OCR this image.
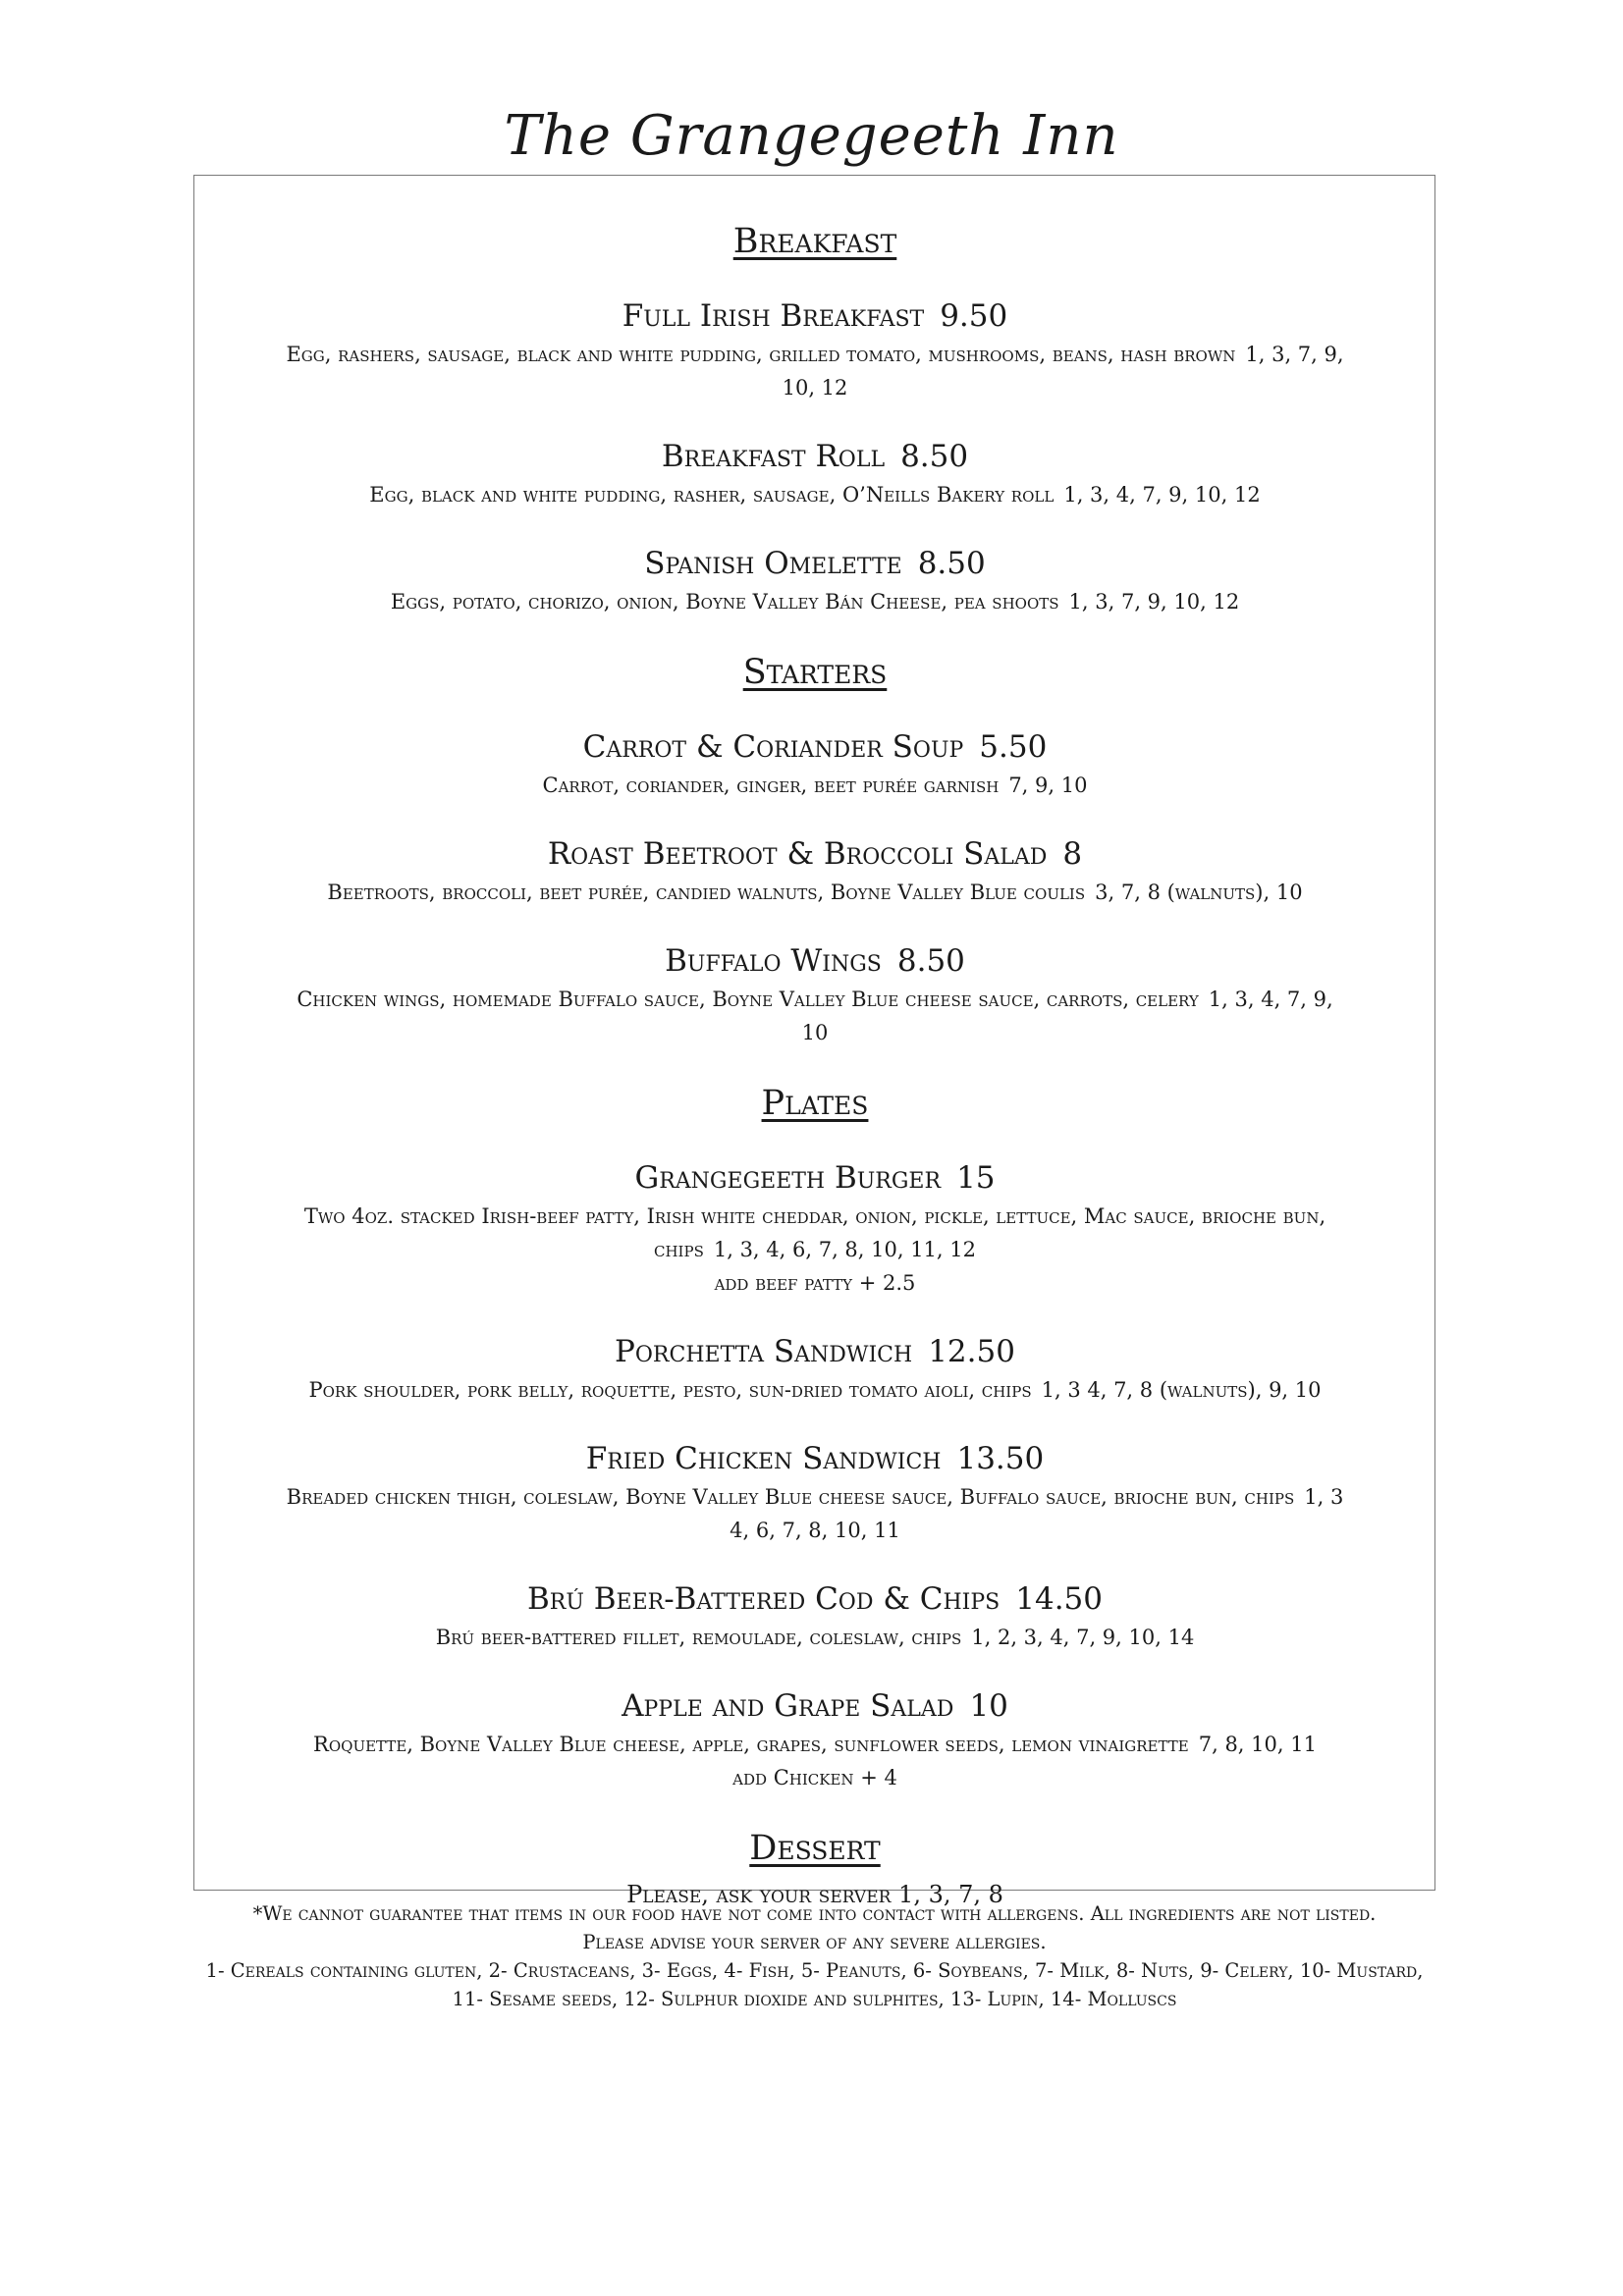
The Grangegeeth Inn
Breakfast
Full Irish Breakfast 9.50
Egg, rashers, sausage, black and white pudding, grilled tomato, mushrooms, beans, hash brown 1, 3, 7, 9, 10, 12
Breakfast Roll 8.50
Egg, black and white pudding, rasher, sausage, O’Neills Bakery roll 1, 3, 4, 7, 9, 10, 12
Spanish Omelette 8.50
Eggs, potato, chorizo, onion, Boyne Valley Bán Cheese, pea shoots 1, 3, 7, 9, 10, 12
Starters
Carrot & Coriander Soup 5.50
Carrot, coriander, ginger, beet purée garnish 7, 9, 10
Roast Beetroot & Broccoli Salad 8
Beetroots, broccoli, beet purée, candied walnuts, Boyne Valley Blue coulis 3, 7, 8 (walnuts), 10
Buffalo Wings 8.50
Chicken wings, homemade Buffalo sauce, Boyne Valley Blue cheese sauce, carrots, celery 1, 3, 4, 7, 9, 10
Plates
Grangegeeth Burger 15
Two 4oz. stacked Irish-beef patty, Irish white cheddar, onion, pickle, lettuce, Mac sauce, brioche bun, chips 1, 3, 4, 6, 7, 8, 10, 11, 12
add beef patty + 2.5
Porchetta Sandwich 12.50
Pork shoulder, pork belly, roquette, pesto, sun-dried tomato aioli, chips 1, 3 4, 7, 8 (walnuts), 9, 10
Fried Chicken Sandwich 13.50
Breaded chicken thigh, coleslaw, Boyne Valley Blue cheese sauce, Buffalo sauce, brioche bun, chips 1, 3 4, 6, 7, 8, 10, 11
Brú Beer-Battered Cod & Chips 14.50
Brú beer-battered fillet, remoulade, coleslaw, chips 1, 2, 3, 4, 7, 9, 10, 14
Apple and Grape Salad 10
Roquette, Boyne Valley Blue cheese, apple, grapes, sunflower seeds, lemon vinaigrette 7, 8, 10, 11
add Chicken + 4
Dessert
Please, ask your server 1, 3, 7, 8
*We cannot guarantee that items in our food have not come into contact with allergens. All ingredients are not listed.
Please advise your server of any severe allergies.
1- Cereals containing gluten, 2- Crustaceans, 3- Eggs, 4- Fish, 5- Peanuts, 6- Soybeans, 7- Milk, 8- Nuts, 9- Celery, 10- Mustard,
11- Sesame seeds, 12- Sulphur dioxide and sulphites, 13- Lupin, 14- Molluscs
